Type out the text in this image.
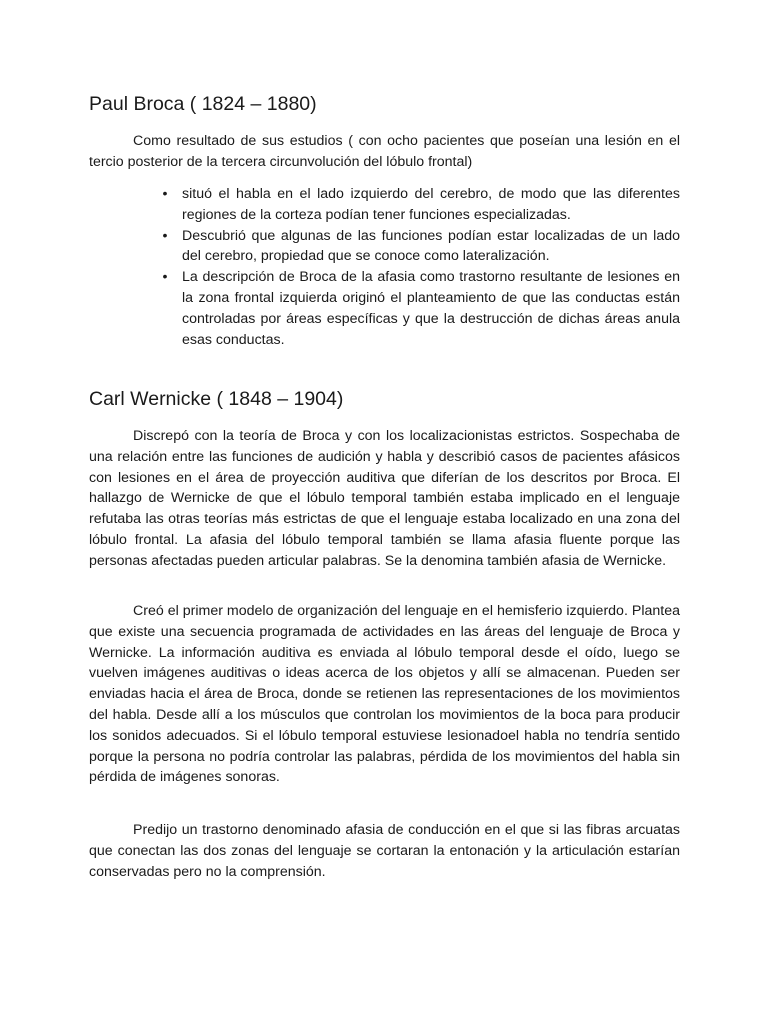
Paul Broca ( 1824 – 1880)

Como resultado de sus estudios ( con ocho pacientes que poseían una lesión en el tercio posterior de la tercera circunvolución del lóbulo frontal)

• situó el habla en el lado izquierdo del cerebro, de modo que las diferentes regiones de la corteza podían tener funciones especializadas.
• Descubrió que algunas de las funciones podían estar localizadas de un lado del cerebro, propiedad que se conoce como lateralización.
• La descripción de Broca de la afasia como trastorno resultante de lesiones en la zona frontal izquierda originó el planteamiento de que las conductas están controladas por áreas específicas y que la destrucción de dichas áreas anula esas conductas.
Carl Wernicke ( 1848 – 1904)

Discrepó con la teoría de Broca y con los localizacionistas estrictos. Sospechaba de una relación entre las funciones de audición y habla y describió casos de pacientes afásicos con lesiones en el área de proyección auditiva que diferían de los descritos por Broca. El hallazgo de Wernicke de que el lóbulo temporal también estaba implicado en el lenguaje refutaba las otras teorías más estrictas de que el lenguaje estaba localizado en una zona del lóbulo frontal. La afasia del lóbulo temporal también se llama afasia fluente porque las personas afectadas pueden articular palabras. Se la denomina también afasia de Wernicke.

Creó el primer modelo de organización del lenguaje en el hemisferio izquierdo. Plantea que existe una secuencia programada de actividades en las áreas del lenguaje de Broca y Wernicke. La información auditiva es enviada al lóbulo temporal desde el oído, luego se vuelven imágenes auditivas o ideas acerca de los objetos y allí se almacenan. Pueden ser enviadas hacia el área de Broca, donde se retienen las representaciones de los movimientos del habla. Desde allí a los músculos que controlan los movimientos de la boca para producir los sonidos adecuados. Si el lóbulo temporal estuviese lesionadoel habla no tendría sentido porque la persona no podría controlar las palabras, pérdida de los movimientos del habla sin pérdida de imágenes sonoras.

Predijo un trastorno denominado afasia de conducción en el que si las fibras arcuatas que conectan las dos zonas del lenguaje se cortaran la entonación y la articulación estarían conservadas pero no la comprensión.
